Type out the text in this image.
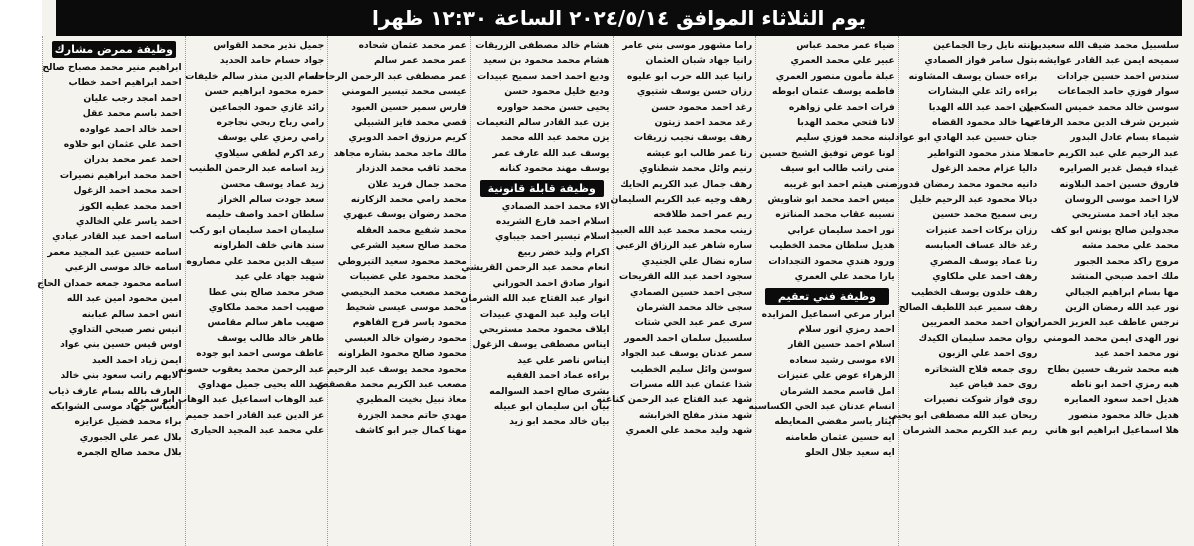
يوم الثلاثاء الموافق ٢٠٢٤/٥/١٤ الساعة ١٢:٣٠ ظهرا
وظيفة ممرض مشارك
ابراهيم منير محمد مصباح صالح
احمد ابراهيم احمد خطاب
احمد امجد رجب عليان
احمد باسم محمد عقل
احمد خالد احمد عواوده
احمد علي عثمان ابو حلاوه
احمد عمر محمد بدران
احمد محمد ابراهيم نصيرات
احمد محمد احمد الزغول
احمد محمد عطيه الكوز
احمد ياسر علي الخالدي
اسامه احمد عبد القادر عبادي
اسامه حسين عبد المجيد معمر
اسامه خالد موسى الزعبي
اسامه محمود جمعه حمدان الحاج
امين محمود امين عبد الله
انس احمد سالم عبابنه
انيس نصر صبحي التداوي
اوس قيس حسين بني عواد
ايمن زياد احمد العبد
الايهم راتب سعود بني خالد
العارف بالله بسام عارف ذياب
العباس جهاد موسى الشوابكه
براء محمد فضيل عزايزه
بلال عمر علي الجبوري
بلال محمد صالح الجمره
جميل نذير محمد القواس
جواد حسام حامد الحديد
حسام الدين منذر سالم خليفات
حمزه محمود ابراهيم حسن
رائد غازي حمود الجماعين
رامي رباح ربحي نجاجره
رامي رمزي علي يوسف
رعد اكرم لطفي سيلاوي
زيد اسامه عبد الرحمن الطنيب
زيد عماد يوسف محسن
سعد جودت سالم الخراز
سلطان احمد واصف حليمه
سليمان احمد سليمان ابو ركب
سند هاني خلف الطراونه
سيف الدين محمد علي مصاروه
شهيد جهاد علي عيد
صخر محمد صالح بني عطا
صهيب احمد محمد ملكاوي
صهيب ماهر سالم مقامس
طاهر خالد طالب يوسف
عاطف موسى احمد ابو جوده
عبد الرحمن محمد يعقوب حسونه
عبد الله يحيى جميل مهداوي
عبد الوهاب اسماعيل عبد الوهاب ابو سمره
عز الدين عبد القادر احمد جميم
علي محمد عبد المجيد الحيارى
عمر محمد عثمان شحاده
عمر محمد عمر سالم
عمر مصطفى عبد الرحمن الرحاحله
عيسى محمد تيسير المومني
فارس سمير حسين العبود
قصي محمد فايز الشبيلي
كريم مرزوق احمد الدويري
مالك ماجد محمد بشاره مجاهد
محمد ثاقب محمد الدزدار
محمد جمال فريد علان
محمد رامي محمد الزكارنه
محمد رضوان يوسف عبهري
محمد شفيع محمد العقله
محمد صالح سعيد الشرعي
محمد محمود سعيد التيروطي
محمد محمود علي عضيبات
محمد مصعب محمد البحيصي
محمد موسى عيسى شحيط
محمود ياسر فرج الفاهوم
محمود رضوان خالد العبسي
محمود صالح محمود الطراونه
محمود محمد يوسف عبد الرحيم
مصعب عبد الكريم محمد مقصقص
معاذ نبيل بخيت المطيري
مهدي حاتم محمد الجزرة
مهنا كمال جبر ابو كاشف
هشام خالد مصطفى الزريقات
هشام محمد محمود بن سعيد
وديع احمد احمد سميح عبيدات
وديع خليل محمود حسن
يحيى حسن محمد حواوره
يزن عبد القادر سالم التعيمات
يزن محمد عبد الله محمد
يوسف عبد الله عارف عمر
يوسف مهند محمود كنانه
وظيفة قابلة قانونية
الاء محمد احمد الصمادي
اسلام احمد فارع الشريده
اسلام تيسير احمد جيباوي
اكرام وليد خضر ربيع
انعام محمد عبد الرحمن القريشي
انوار صادق احمد الحوراني
انوار عبد الفتاح عبد الله الشرمان
ايات وليد عبد المهدي عبيدات
ايلاف محمود محمد مستريحي
ايناس مصطفى يوسف الزغول
ايناس ناصر علي عيد
براءه عماد احمد الفقيه
بشرى صالح احمد السوالمه
بيان ابن سليمان ابو عبيله
بيان خالد محمد ابو زيد
راما مشهور موسى بني عامر
رانيا جهاد شبان العثمان
رانيا عبد الله حرب ابو عليوه
رزان حسن يوسف شتيوي
رغد احمد محمود حسن
رغد محمد احمد زيتون
رهف يوسف نجيب زريقات
رنا عمر طالب ابو عيشه
رنيم وائل محمد شطناوي
رهف جمال عبد الكريم الحايك
رهف وجيه عبد الكريم السليمان
ريم عمر احمد طلافحه
زينب محمد محمد عبد الله العبيد
ساره شاهر عبد الرزاق الزعبي
ساره نضال علي الجنيدي
سجود احمد عبد الله القريحات
سجى احمد حسين الصمادي
سجى خالد محمد الشرمان
سرى عمر عبد الحي شتات
سلسبيل سلمان احمد العمور
سمر عدنان يوسف عبد الجواد
سوسن وائل سليم الخطيب
شذا عثمان عبد الله مسرات
شهد عبد الفتاح عبد الرحمن كناعنه
شهد منذر مفلح الخرابشه
شهد وليد محمد علي العمري
ضياء عمر محمد عباس
عبير علي محمد العمري
عبلة مأمون منصور العمري
فاطمه يوسف عثمان ابوطه
فرات احمد علي زواهره
لانا فتحي محمد الهدبا
لبنه محمد فوزي سليم
لونا عوض توفيق الشيخ حسين
منى راتب طالب ابو سيف
منى هيثم احمد ابو غريبه
ميس احمد محمد ابو شاويش
نسيبه عقاب محمد المناتزه
نور احمد سليمان عرابي
هديل سلطان محمد الخطيب
ورود هندي محمود التجدادات
يارا محمد علي العمري
وظيفة فني تعقيم
ابرار مرعي اسماعيل المزايده
احمد رمزي انور سلام
اسلام احمد حسين القار
الاء موسى رشيد سعاده
الزهراء عوض علي عنيزات
امل قاسم محمد الشرمان
انسام عدنان عبد الحي الكساسبه
ايثار ياسر مفضي المعايطه
ايه حسين عثمان طعامنه
ايه سعيد جلال الحلو
بانته نايل رجا الجماعين
بتول سامر فواز الصمادي
براءه حسان يوسف المشاونه
براءه رائد علي البشارات
بيان احمد عبد الله الهدبا
تيما خالد محمود القضاه
جنان حسين عبد الهادي ابو عواد
حلا منذر محمود التواطير
داليا عزام محمد الزغول
دانيه محمود محمد رمضان قدوره
ديالا محمود عبد الرحيم خليل
ربى سميح محمد حسين
رزان بركات احمد عنيزات
رغد خالد عساف العبابسه
رنا عماد يوسف المصري
رهف احمد علي ملكاوي
رهف خلدون يوسف الخطيب
رهف سمير عبد اللطيف الصالح
روان احمد محمد العمريين
روان محمد سليمان الكيدك
روى احمد علي الزبون
روى جمعه فلاح الشخاتره
روى حمد فياض عيد
روى فواز شوكت نصيرات
ريحان عبد الله مصطفى ابو يحيى
ريم عبد الكريم محمد الشرمان
سلسبيل محمد ضيف الله سعيدين
سميحه ايمن عبد القادر عوايشه
سندس احمد حسين جرادات
سوار فوزي حامد الجماعات
سوسن خالد محمد خميس السكحي
شيرين شرف الدين محمد الرفاعي
شيماء بسام عادل البدور
عبد الرحيم علي عبد الكريم حامد
غيداء فيصل غدير الصرايره
فاروق حسين احمد البلاونه
لارا احمد موسى الروسان
مجد اياد احمد مستريحي
مجدولين صالح يونس ابو كف
محمد علي محمد مشه
مروج راكد محمد الجبور
ملك احمد صبحي المنشد
مها بسام ابراهيم الجبالي
نور عبد الله رمضان الزين
نرجس عاطف عبد العزيز الحمران
نور الهدى ايمن محمد المومني
نور محمد احمد عيد
هبه محمد شريف حسين بطاح
هبه رمزي احمد ابو ناطه
هديل احمد سعود العمايره
هديل خالد محمود منصور
هلا اسماعيل ابراهيم ابو هاني
